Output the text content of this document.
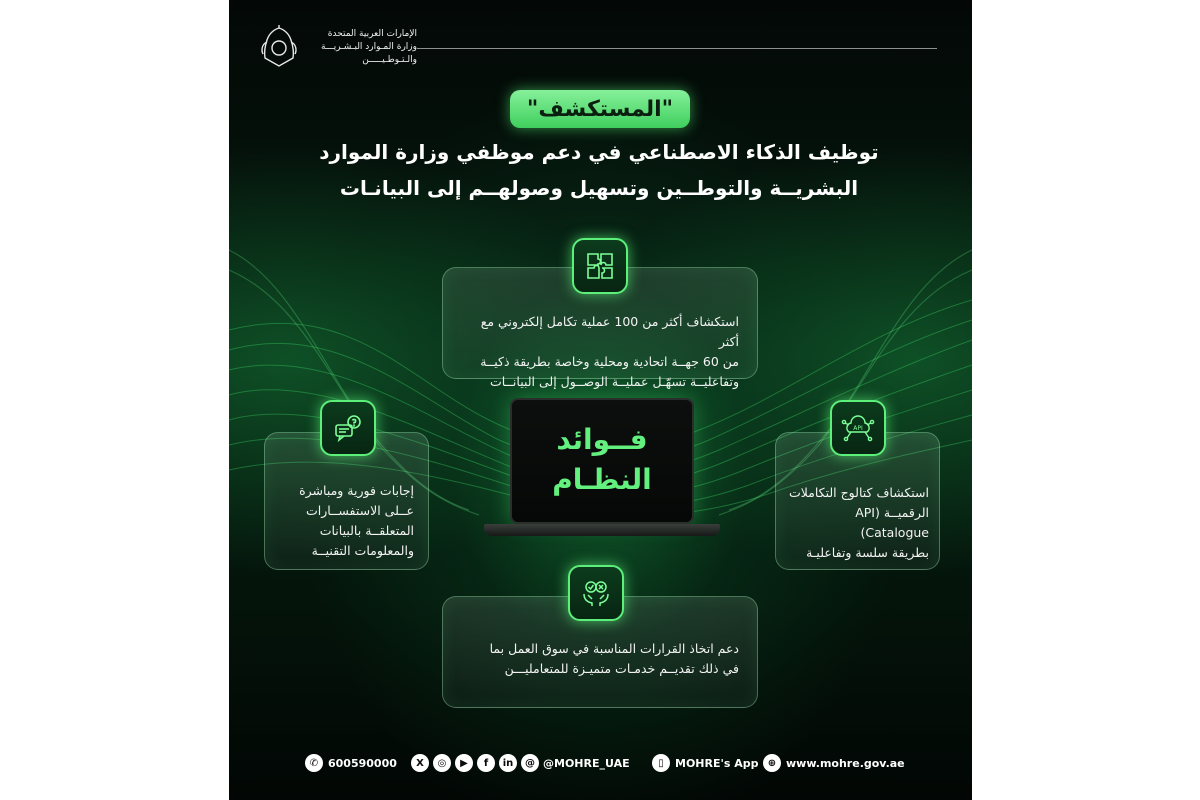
الإمارات العربية المتحدة
وزارة المـوارد البـشـريـــة
والـتـوطـيـــــن
"المستكشف"
توظيف الذكاء الاصطناعي في دعم موظفي وزارة الموارد
البشريــة والتوطــين وتسهيل وصولهــم إلى البيانـات

استكشاف أكثر من 100 عملية تكامل إلكتروني مع أكثر

من 60 جهــة اتحادية ومحلية وخاصة بطريقة ذكيــة

وتفاعليــة تسهّـل عمليــة الوصــول إلى البيانــات

إجابات فورية ومباشرة

عــلى الاستفســارات

المتعلقــة بالبيانات

والمعلومات التقنيــة

استكشاف كتالوج التكاملات

الرقميــة (API Catalogue)

بطريقة سلسة وتفاعليـة

API

دعم اتخاذ القرارات المناسبة في سوق العمل بما

في ذلك تقديــم خدمـات متميـزة للمتعامليـــن

فــوائد
النظـام
✆ 600590000	X	◎	▶	f	in	@ @MOHRE_UAE	▯	MOHRE's App ⊕ www.mohre.gov.ae
